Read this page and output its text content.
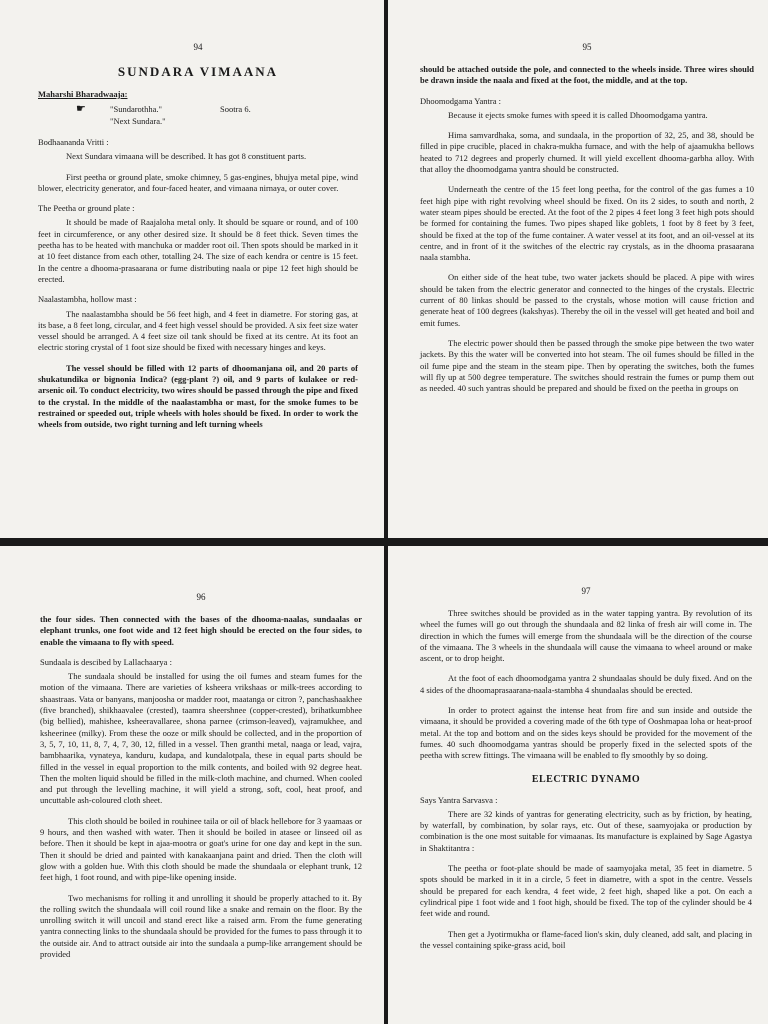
94
SUNDARA VIMAANA
Maharshi Bharadwaaja:
☛	"Sundarothha."	Sootra 6.
"Next Sundara."
Bodhaananda Vritti :

Next Sundara vimaana will be described. It has got 8 constituent parts.

First peetha or ground plate, smoke chimney, 5 gas-engines, bhujya metal pipe, wind blower, electricity generator, and four-faced heater, and vimaana nirnaya, or outer cover.

The Peetha or ground plate :

It should be made of Raajaloha metal only. It should be square or round, and of 100 feet in circumference, or any other desired size. It should be 8 feet thick. Seven times the peetha has to be heated with manchuka or madder root oil. Then spots should be marked in it at 10 feet distance from each other, totalling 24. The size of each kendra or centre is 15 feet. In the centre a dhooma-prasaarana or fume distributing naala or pipe 12 feet high should be erected.

Naalastambha, hollow mast :

The naalastambha should be 56 feet high, and 4 feet in diametre. For storing gas, at its base, a 8 feet long, circular, and 4 feet high vessel should be provided. A six feet size water vessel should be arranged. A 4 feet size oil tank should be fixed at its centre. At its foot an electric storing crystal of 1 foot size should be fixed with necessary hinges and keys.

The vessel should be filled with 12 parts of dhoomanjana oil, and 20 parts of shukatundika or bignonia Indica? (egg-plant ?) oil, and 9 parts of kulakee or red-arsenic oil. To conduct electricity, two wires should be passed through the pipe and fixed to the crystal. In the middle of the naalastambha or mast, for the smoke fumes to be restrained or speeded out, triple wheels with holes should be fixed. In order to work the wheels from outside, two right turning and left turning wheels

95

should be attached outside the pole, and connected to the wheels inside. Three wires should be drawn inside the naala and fixed at the foot, the middle, and at the top.

Dhoomodgama Yantra :

Because it ejects smoke fumes with speed it is called Dhoomodgama yantra.

Hima samvardhaka, soma, and sundaala, in the proportion of 32, 25, and 38, should be filled in pipe crucible, placed in chakra-mukha furnace, and with the help of ajaamukha bellows heated to 712 degrees and properly churned. It will yield excellent dhooma-garbha alloy. With that alloy the dhoomodgama yantra should be constructed.

Underneath the centre of the 15 feet long peetha, for the control of the gas fumes a 10 feet high pipe with right revolving wheel should be fixed. On its 2 sides, to south and north, 2 water steam pipes should be erected. At the foot of the 2 pipes 4 feet long 3 feet high pots should be formed for containing the fumes. Two pipes shaped like goblets, 1 foot by 8 feet by 3 feet, should be fixed at the top of the fume container. A water vessel at its foot, and an oil-vessel at its centre, and in front of it the switches of the electric ray crystals, as in the dhooma prasaarana naala stambha.

On either side of the heat tube, two water jackets should be placed. A pipe with wires should be taken from the electric generator and connected to the hinges of the crystals. Electric current of 80 linkas should be passed to the crystals, whose motion will cause friction and generate heat of 100 degrees (kakshyas). Thereby the oil in the vessel will get heated and boil and emit fumes.

The electric power should then be passed through the smoke pipe between the two water jackets. By this the water will be converted into hot steam. The oil fumes should be filled in the oil fume pipe and the steam in the steam pipe. Then by operating the switches, both the fumes will fly up at 500 degree temperature. The switches should restrain the fumes or pump them out as needed. 40 such yantras should be prepared and should be fixed on the peetha in groups on

96

the four sides. Then connected with the bases of the dhooma-naalas, sundaalas or elephant trunks, one foot wide and 12 feet high should be erected on the four sides, to enable the vimaana to fly with speed.

Sundaala is descibed by Lallachaarya :

The sundaala should be installed for using the oil fumes and steam fumes for the motion of the vimaana. There are varieties of ksheera vrikshaas or milk-trees according to shaastraas. Vata or banyans, manjoosha or madder root, maatanga or citron ?, panchashaakhee (five branched), shikhaavalee (crested), taamra sheershnee (copper-crested), brihatkumbhee (big bellied), mahishee, ksheeravallaree, shona parnee (crimson-leaved), vajramukhee, and ksheerinee (milky). From these the ooze or milk should be collected, and in the proportion of 3, 5, 7, 10, 11, 8, 7, 4, 7, 30, 12, filled in a vessel. Then granthi metal, naaga or lead, vajra, bambhaarika, vynateya, kanduru, kudapa, and kundalotpala, these in equal parts should be filled in the vessel in equal proportion to the milk contents, and boiled with 92 degree heat. Then the molten liquid should be filled in the milk-cloth machine, and churned. When cooled and put through the levelling machine, it will yield a strong, soft, cool, heat proof, and uncuttable ash-coloured cloth sheet.

This cloth should be boiled in rouhinee taila or oil of black hellebore for 3 yaamaas or 9 hours, and then washed with water. Then it should be boiled in atasee or linseed oil as before. Then it should be kept in ajaa-mootra or goat's urine for one day and kept in the sun. Then it should be dried and painted with kanakaanjana paint and dried. Then the cloth will glow with a golden hue. With this cloth should be made the shundaala or elephant trunk, 12 feet high, 1 foot round, and with pipe-like opening inside.

Two mechanisms for rolling it and unrolling it should be properly attached to it. By the rolling switch the shundaala will coil round like a snake and remain on the floor. By the unrolling switch it will uncoil and stand erect like a raised arm. From the fume generating yantra connecting links to the shundaala should be provided for the fumes to pass through it to the outside air. And to attract outside air into the sundaala a pump-like arrangement should be provided

97

Three switches should be provided as in the water tapping yantra. By revolution of its wheel the fumes will go out through the shundaala and 82 linka of fresh air will come in. The direction in which the fumes will emerge from the shundaala will be the direction of the course of the vimaana. The 3 wheels in the shundaala will cause the vimaana to wheel around or make ascent, or to drop height.

At the foot of each dhoomodgama yantra 2 shundaalas should be duly fixed. And on the 4 sides of the dhoomaprasaarana-naala-stambha 4 shundaalas should be erected.

In order to protect against the intense heat from fire and sun inside and outside the vimaana, it should be provided a covering made of the 6th type of Ooshmapaa loha or heat-proof metal. At the top and bottom and on the sides keys should be provided for the movement of the fumes. 40 such dhoomodgama yantras should be properly fixed in the selected spots of the peetha with screw fittings. The vimaana will be enabled to fly smoothly by so doing.

ELECTRIC DYNAMO
Says Yantra Sarvasva :

There are 32 kinds of yantras for generating electricity, such as by friction, by heating, by waterfall, by combination, by solar rays, etc. Out of these, saamyojaka or production by combination is the one most suitable for vimaanas. Its manufacture is explained by Sage Agastya in Shaktitantra :

The peetha or foot-plate should be made of saamyojaka metal, 35 feet in diametre. 5 spots should be marked in it in a circle, 5 feet in diametre, with a spot in the centre. Vessels should be prepared for each kendra, 4 feet wide, 2 feet high, shaped like a pot. On each a cylindrical pipe 1 foot wide and 1 foot high, should be fixed. The top of the cylinder should be 4 feet wide and round.

Then get a Jyotirmukha or flame-faced lion's skin, duly cleaned, add salt, and placing in the vessel containing spike-grass acid, boil
